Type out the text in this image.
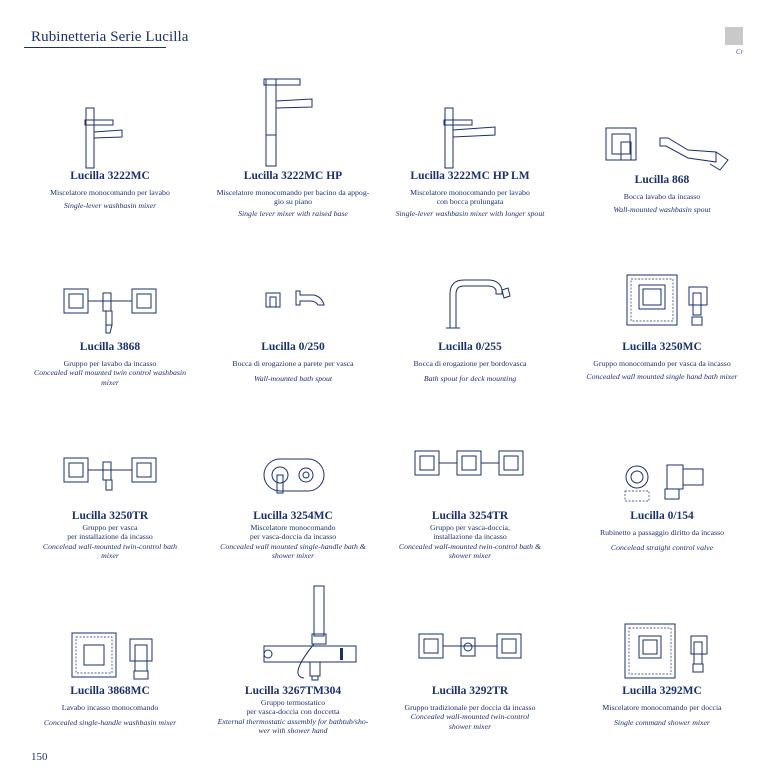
Rubinetteria Serie Lucilla
Cr
Lucilla 3222MC
Miscelatore monocomando per lavabo
Single-lever washbasin mixer
Lucilla 3222MC HP
Miscelatore monocomando per bacino da appog-
gio su piano
Single lever mixer with raised base
Lucilla 3222MC HP LM
Miscelatore monocomando per lavabo
con bocca prolungata
Single-lever washbasin mixer with longer spout
Lucilla 868
Bocca lavabo da incasso
Wall-mounted washbasin spout
Lucilla 3868
Gruppo per lavabo da incasso
Concealed wall mounted twin control washbasin
mixer
Lucilla 0/250
Bocca di erogazione a parete per vasca
Wall-mounted bath spout
Lucilla 0/255
Bocca di erogazione per bordovasca
Bath spout for deck mounting
Lucilla 3250MC
Gruppo monocomando per vasca da incasso
Concealed wall mounted single hand bath mixer
Lucilla 3250TR
Gruppo per vasca
per installazione da incasso
Concelead wall-mounted twin-control bath
mixer
Lucilla 3254MC
Miscelatore monocomando
per vasca-doccia da incasso
Concealed wall mounted single-handle bath &
shower mixer
Lucilla 3254TR
Gruppo per vasca-doccia,
installazione da incasso
Concealed wall-mounted twin-control bath &
shower mixer
Lucilla 0/154
Rubinetto a passaggio diritto da incasso
Concelead straight control valve
Lucilla 3868MC
Lavabo incasso monocomando
Concealed single-handle washbasin mixer
Lucilla 3267TM304
Gruppo termostatico
per vasca-doccia con doccetta
External thermostatic assembly for bathtub/sho-
wer with shower hand
Lucilla 3292TR
Gruppo tradizionale per doccia da incasso
Concealed wall-mounted twin-control
shower mixer
Lucilla 3292MC
Miscelatore monocomando per doccia
Single command shower mixer
150
